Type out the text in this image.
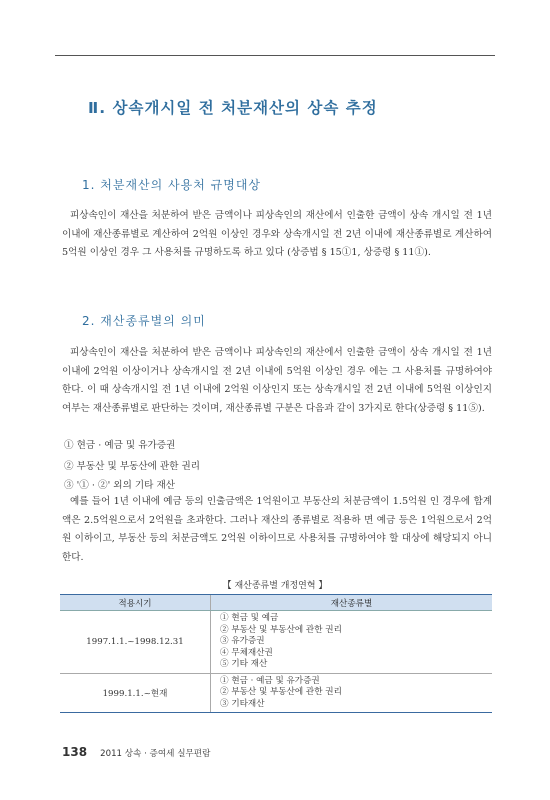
Ⅱ. 상속개시일 전 처분재산의 상속 추정
1. 처분재산의 사용처 규명대상

피상속인이 재산을 처분하여 받은 금액이나 피상속인의 재산에서 인출한 금액이 상속 개시일 전 1년 이내에 재산종류별로 계산하여 2억원 이상인 경우와 상속개시일 전 2년 이내에 재산종류별로 계산하여 5억원 이상인 경우 그 사용처를 규명하도록 하고 있다 (상증법 § 15①1, 상증령 § 11①).

2. 재산종류별의 의미

피상속인이 재산을 처분하여 받은 금액이나 피상속인의 재산에서 인출한 금액이 상속 개시일 전 1년 이내에 2억원 이상이거나 상속개시일 전 2년 이내에 5억원 이상인 경우 에는 그 사용처를 규명하여야 한다. 이 때 상속개시일 전 1년 이내에 2억원 이상인지 또는 상속개시일 전 2년 이내에 5억원 이상인지 여부는 재산종류별로 판단하는 것이며, 재산종류별 구분은 다음과 같이 3가지로 한다(상증령 § 11⑤).

① 현금 · 예금 및 유가증권
② 부동산 및 부동산에 관한 권리
③ '① · ②' 외의 기타 재산

예를 들어 1년 이내에 예금 등의 인출금액은 1억원이고 부동산의 처분금액이 1.5억원 인 경우에 합계액은 2.5억원으로서 2억원을 초과한다. 그러나 재산의 종류별로 적용하 면 예금 등은 1억원으로서 2억원 이하이고, 부동산 등의 처분금액도 2억원 이하이므로 사용처를 규명하여야 할 대상에 해당되지 아니한다.

【 재산종류별 개정연혁 】
적용시기	재산종류별
1997.1.1.~1998.12.31	① 현금 및 예금
② 부동산 및 부동산에 관한 권리
③ 유가증권
④ 무체재산권
⑤ 기타 재산

1999.1.1.~현재	① 현금 · 예금 및 유가증권
② 부동산 및 부동산에 관한 권리
③ 기타재산
138 2011 상속 · 증여세 실무편람
